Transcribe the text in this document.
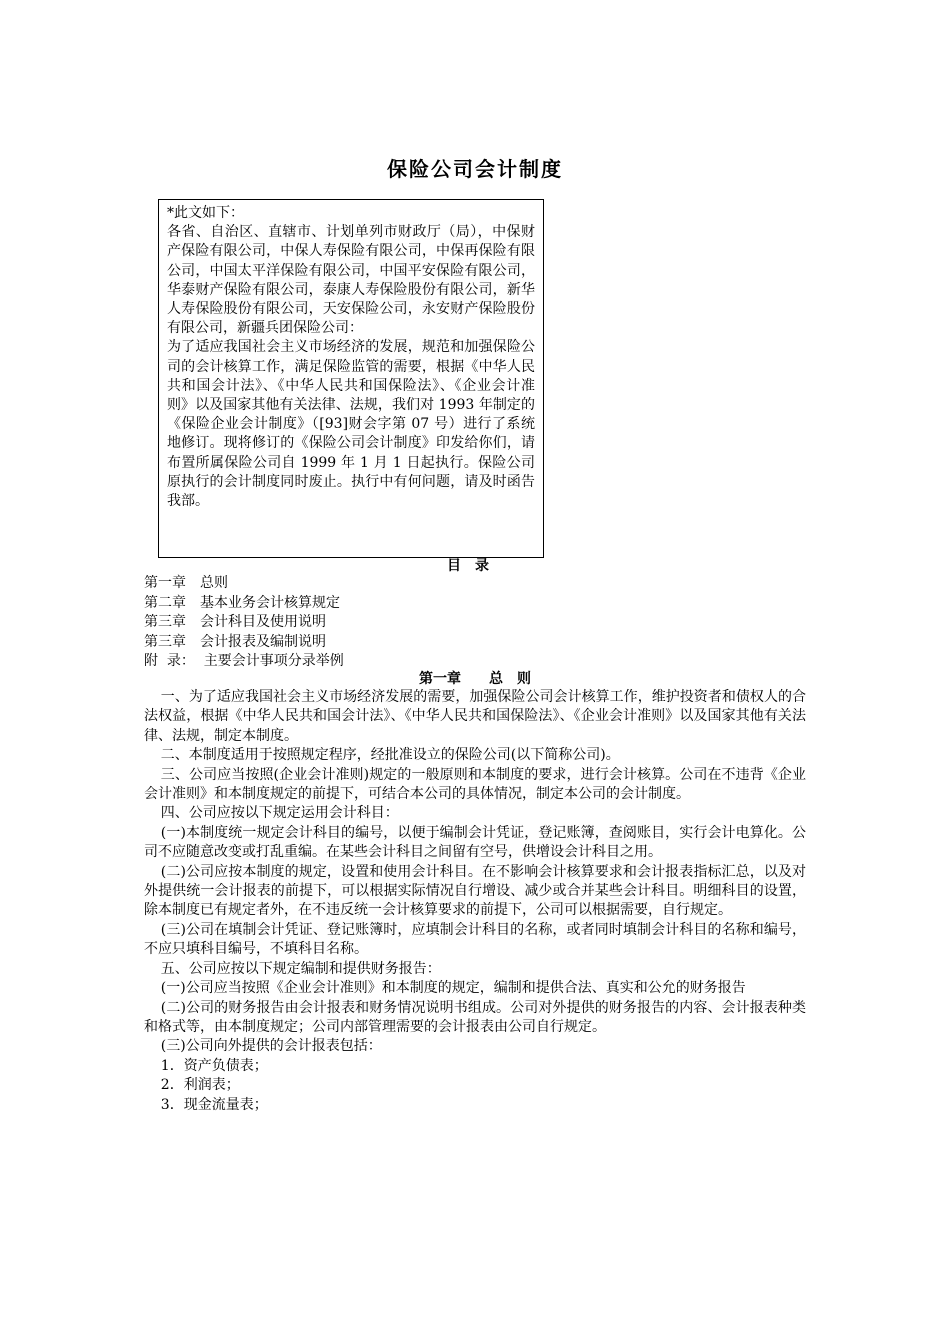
保险公司会计制度

*此文如下：

各省、自治区、直辖市、计划单列市财政厅（局），中保财产保险有限公司，中保人寿保险有限公司，中保再保险有限公司，中国太平洋保险有限公司，中国平安保险有限公司，华泰财产保险有限公司，泰康人寿保险股份有限公司，新华人寿保险股份有限公司，天安保险公司，永安财产保险股份有限公司，新疆兵团保险公司：

为了适应我国社会主义市场经济的发展，规范和加强保险公司的会计核算工作，满足保险监管的需要，根据《中华人民共和国会计法》、《中华人民共和国保险法》、《企业会计准则》以及国家其他有关法律、法规，我们对 1993 年制定的《保险企业会计制度》（[93]财会字第 07 号）进行了系统地修订。现将修订的《保险公司会计制度》印发给你们，请布置所属保险公司自 1999 年 1 月 1 日起执行。保险公司原执行的会计制度同时废止。执行中有何问题，请及时函告我部。

目录
第一章　总则
第二章　基本业务会计核算规定
第三章　会计科目及使用说明
第三章　会计报表及编制说明
附  录：  主要会计事项分录举例
第一章 总　则

一、为了适应我国社会主义市场经济发展的需要，加强保险公司会计核算工作，维护投资者和债权人的合法权益，根据《中华人民共和国会计法》、《中华人民共和国保险法》、《企业会计准则》以及国家其他有关法律、法规，制定本制度。

二、本制度适用于按照规定程序，经批准设立的保险公司(以下简称公司)。

三、公司应当按照(企业会计准则)规定的一般原则和本制度的要求，进行会计核算。公司在不违背《企业会计准则》和本制度规定的前提下，可结合本公司的具体情况，制定本公司的会计制度。

四、公司应按以下规定运用会计科目：

(一)本制度统一规定会计科目的编号，以便于编制会计凭证，登记账簿，查阅账目，实行会计电算化。公司不应随意改变或打乱重编。在某些会计科目之间留有空号，供增设会计科目之用。

(二)公司应按本制度的规定，设置和使用会计科目。在不影响会计核算要求和会计报表指标汇总，以及对外提供统一会计报表的前提下，可以根据实际情况自行增设、减少或合并某些会计科目。明细科目的设置，除本制度已有规定者外，在不违反统一会计核算要求的前提下，公司可以根据需要，自行规定。

(三)公司在填制会计凭证、登记账簿时，应填制会计科目的名称，或者同时填制会计科目的名称和编号，不应只填科目编号，不填科目名称。

五、公司应按以下规定编制和提供财务报告：

(一)公司应当按照《企业会计准则》和本制度的规定，编制和提供合法、真实和公允的财务报告

(二)公司的财务报告由会计报表和财务情况说明书组成。公司对外提供的财务报告的内容、会计报表种类和格式等，由本制度规定；公司内部管理需要的会计报表由公司自行规定。

(三)公司向外提供的会计报表包括：

1．资产负债表；

2．利润表；

3．现金流量表；
